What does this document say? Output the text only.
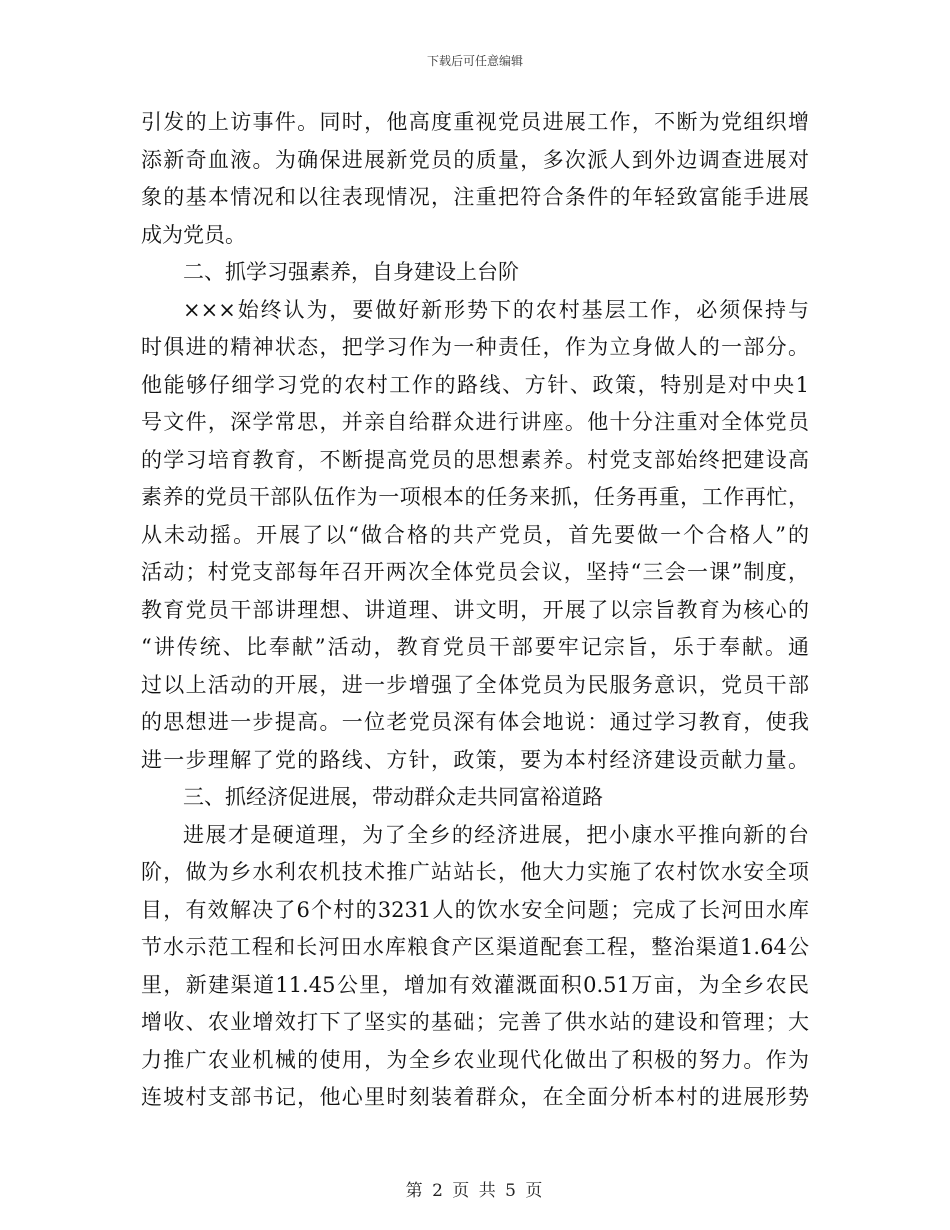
下载后可任意编辑
引发的上访事件。同时，他高度重视党员进展工作，不断为党组织增
添新奇血液。为确保进展新党员的质量，多次派人到外边调查进展对
象的基本情况和以往表现情况，注重把符合条件的年轻致富能手进展
成为党员。
二、抓学习强素养，自身建设上台阶
×××始终认为，要做好新形势下的农村基层工作，必须保持与
时俱进的精神状态，把学习作为一种责任，作为立身做人的一部分。
他能够仔细学习党的农村工作的路线、方针、政策，特别是对中央1
号文件，深学常思，并亲自给群众进行讲座。他十分注重对全体党员
的学习培育教育，不断提高党员的思想素养。村党支部始终把建设高
素养的党员干部队伍作为一项根本的任务来抓，任务再重，工作再忙，
从未动摇。开展了以“做合格的共产党员，首先要做一个合格人”的
活动；村党支部每年召开两次全体党员会议，坚持“三会一课”制度，
教育党员干部讲理想、讲道理、讲文明，开展了以宗旨教育为核心的
“讲传统、比奉献”活动，教育党员干部要牢记宗旨，乐于奉献。通
过以上活动的开展，进一步增强了全体党员为民服务意识，党员干部
的思想进一步提高。一位老党员深有体会地说：通过学习教育，使我
进一步理解了党的路线、方针，政策，要为本村经济建设贡献力量。
三、抓经济促进展，带动群众走共同富裕道路
进展才是硬道理，为了全乡的经济进展，把小康水平推向新的台
阶，做为乡水利农机技术推广站站长，他大力实施了农村饮水安全项
目，有效解决了6个村的3231人的饮水安全问题；完成了长河田水库
节水示范工程和长河田水库粮食产区渠道配套工程，整治渠道1.64公
里，新建渠道11.45公里，增加有效灌溉面积0.51万亩，为全乡农民
增收、农业增效打下了坚实的基础；完善了供水站的建设和管理；大
力推广农业机械的使用，为全乡农业现代化做出了积极的努力。作为
连坡村支部书记，他心里时刻装着群众，在全面分析本村的进展形势
第 2 页 共 5 页
